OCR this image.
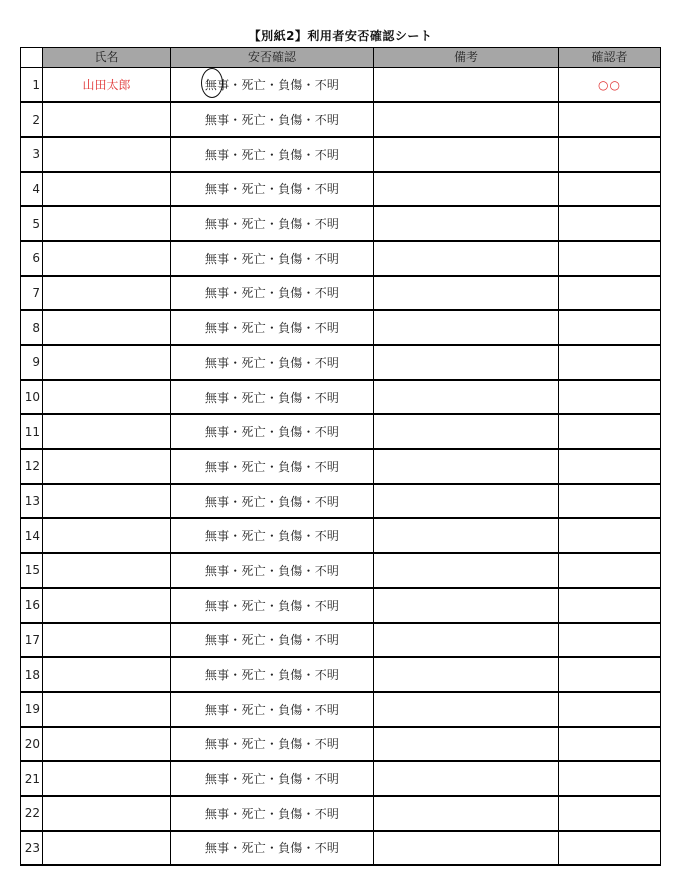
【別紙2】利用者安否確認シート
	氏名	安否確認	備考	確認者
1	山田太郎	無事・死亡・負傷・不明		○○
2		無事・死亡・負傷・不明		
3		無事・死亡・負傷・不明		
4		無事・死亡・負傷・不明		
5		無事・死亡・負傷・不明		
6		無事・死亡・負傷・不明		
7		無事・死亡・負傷・不明		
8		無事・死亡・負傷・不明		
9		無事・死亡・負傷・不明		
10		無事・死亡・負傷・不明		
11		無事・死亡・負傷・不明		
12		無事・死亡・負傷・不明		
13		無事・死亡・負傷・不明		
14		無事・死亡・負傷・不明		
15		無事・死亡・負傷・不明		
16		無事・死亡・負傷・不明		
17		無事・死亡・負傷・不明		
18		無事・死亡・負傷・不明		
19		無事・死亡・負傷・不明		
20		無事・死亡・負傷・不明		
21		無事・死亡・負傷・不明		
22		無事・死亡・負傷・不明		
23		無事・死亡・負傷・不明		
